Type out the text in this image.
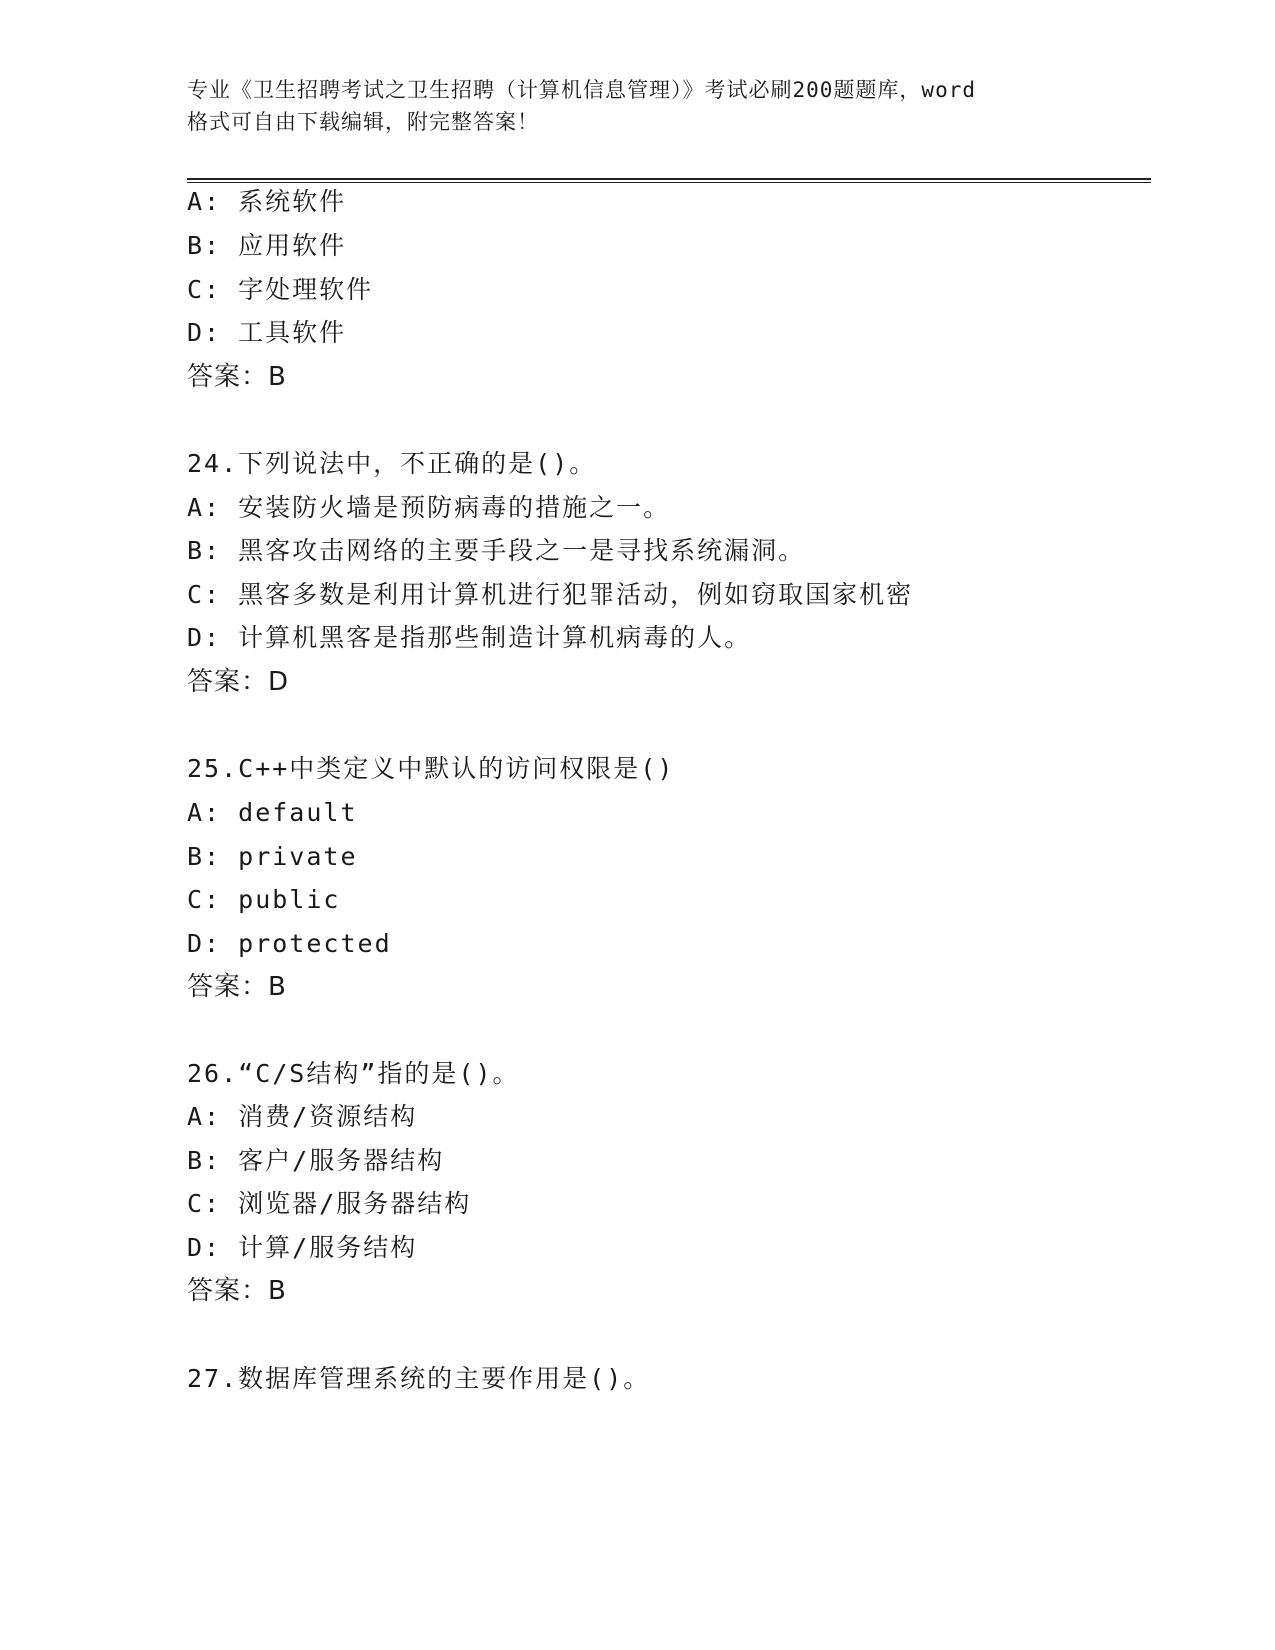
专业《卫生招聘考试之卫生招聘（计算机信息管理）》考试必刷200题题库，word
格式可自由下载编辑，附完整答案！
A: 系统软件
B: 应用软件
C: 字处理软件
D: 工具软件
答案：B
24.下列说法中，不正确的是()。
A: 安装防火墙是预防病毒的措施之一。
B: 黑客攻击网络的主要手段之一是寻找系统漏洞。
C: 黑客多数是利用计算机进行犯罪活动，例如窃取国家机密
D: 计算机黑客是指那些制造计算机病毒的人。
答案：D
25.C++中类定义中默认的访问权限是()
A: default
B: private
C: public
D: protected
答案：B
26.“C/S结构”指的是()。
A: 消费/资源结构
B: 客户/服务器结构
C: 浏览器/服务器结构
D: 计算/服务结构
答案：B
27.数据库管理系统的主要作用是()。
